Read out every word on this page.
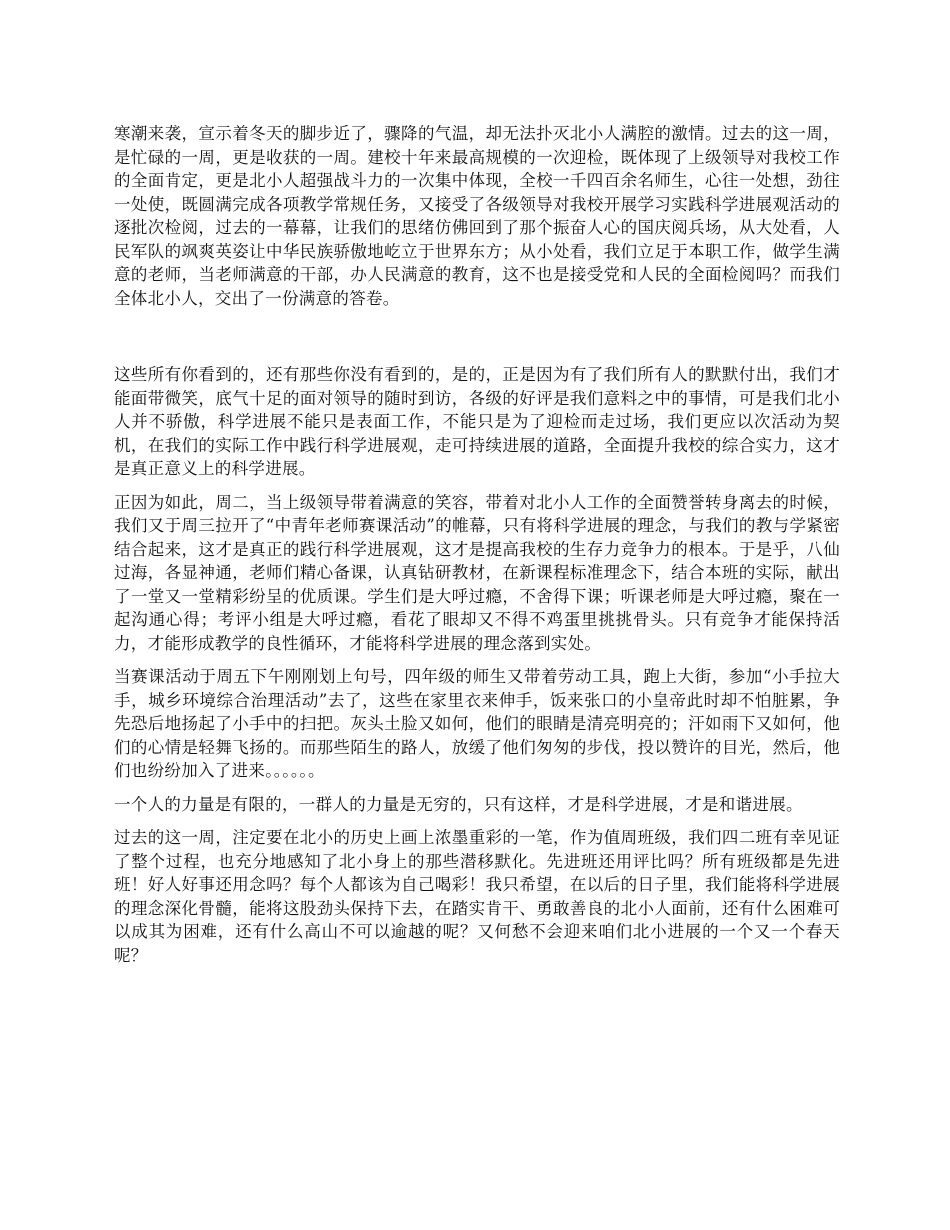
寒潮来袭，宣示着冬天的脚步近了，骤降的气温，却无法扑灭北小人满腔的激情。过去的这一周，是忙碌的一周，更是收获的一周。建校十年来最高规模的一次迎检，既体现了上级领导对我校工作的全面肯定，更是北小人超强战斗力的一次集中体现，全校一千四百余名师生，心往一处想，劲往一处使，既圆满完成各项教学常规任务，又接受了各级领导对我校开展学习实践科学进展观活动的逐批次检阅，过去的一幕幕，让我们的思绪仿佛回到了那个振奋人心的国庆阅兵场，从大处看，人民军队的飒爽英姿让中华民族骄傲地屹立于世界东方；从小处看，我们立足于本职工作，做学生满意的老师，当老师满意的干部，办人民满意的教育，这不也是接受党和人民的全面检阅吗？而我们全体北小人，交出了一份满意的答卷。

这些所有你看到的，还有那些你没有看到的，是的，正是因为有了我们所有人的默默付出，我们才能面带微笑，底气十足的面对领导的随时到访，各级的好评是我们意料之中的事情，可是我们北小人并不骄傲，科学进展不能只是表面工作，不能只是为了迎检而走过场，我们更应以次活动为契机，在我们的实际工作中践行科学进展观，走可持续进展的道路，全面提升我校的综合实力，这才是真正意义上的科学进展。

正因为如此，周二，当上级领导带着满意的笑容，带着对北小人工作的全面赞誉转身离去的时候，我们又于周三拉开了“中青年老师赛课活动”的帷幕，只有将科学进展的理念，与我们的教与学紧密结合起来，这才是真正的践行科学进展观，这才是提高我校的生存力竞争力的根本。于是乎，八仙过海，各显神通，老师们精心备课，认真钻研教材，在新课程标准理念下，结合本班的实际，献出了一堂又一堂精彩纷呈的优质课。学生们是大呼过瘾，不舍得下课；听课老师是大呼过瘾，聚在一起沟通心得；考评小组是大呼过瘾，看花了眼却又不得不鸡蛋里挑挑骨头。只有竞争才能保持活力，才能形成教学的良性循环，才能将科学进展的理念落到实处。

当赛课活动于周五下午刚刚划上句号，四年级的师生又带着劳动工具，跑上大街，参加“小手拉大手，城乡环境综合治理活动”去了，这些在家里衣来伸手，饭来张口的小皇帝此时却不怕脏累，争先恐后地扬起了小手中的扫把。灰头土脸又如何，他们的眼睛是清亮明亮的；汗如雨下又如何，他们的心情是轻舞飞扬的。而那些陌生的路人，放缓了他们匆匆的步伐，投以赞许的目光，然后，他们也纷纷加入了进来。。。。。。

一个人的力量是有限的，一群人的力量是无穷的，只有这样，才是科学进展，才是和谐进展。

过去的这一周，注定要在北小的历史上画上浓墨重彩的一笔，作为值周班级，我们四二班有幸见证了整个过程，也充分地感知了北小身上的那些潜移默化。先进班还用评比吗？所有班级都是先进班！好人好事还用念吗？每个人都该为自己喝彩！我只希望，在以后的日子里，我们能将科学进展的理念深化骨髓，能将这股劲头保持下去，在踏实肯干、勇敢善良的北小人面前，还有什么困难可以成其为困难，还有什么高山不可以逾越的呢？又何愁不会迎来咱们北小进展的一个又一个春天呢？
